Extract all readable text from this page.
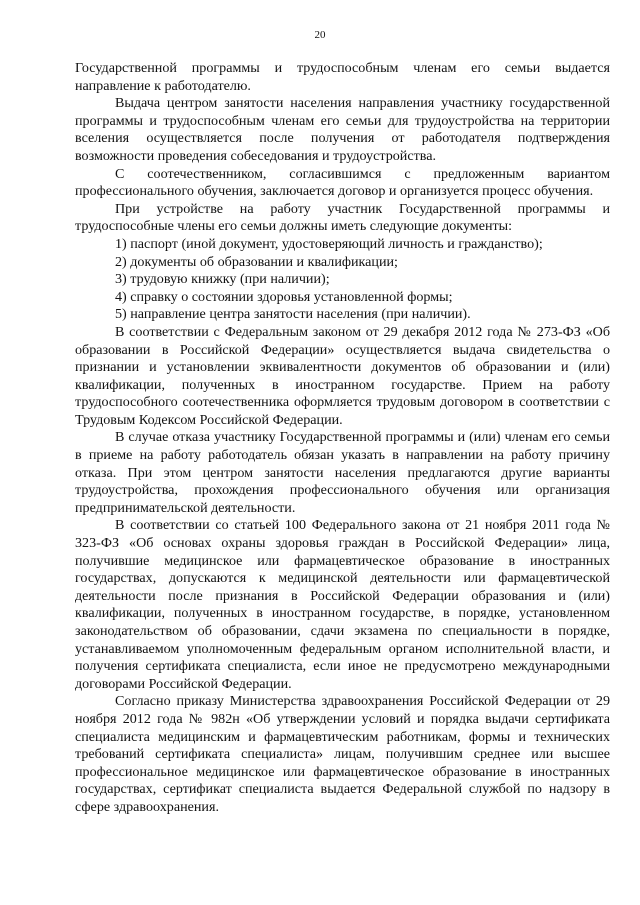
20

Государственной программы и трудоспособным членам его семьи выдается направление к работодателю.

Выдача центром занятости населения направления участнику государственной программы и трудоспособным членам его семьи для трудоустройства на территории вселения осуществляется после получения от работодателя подтверждения возможности проведения собеседования и трудоустройства.

С соотечественником, согласившимся с предложенным вариантом профессионального обучения, заключается договор и организуется процесс обучения.

При устройстве на работу участник Государственной программы и трудоспособные члены его семьи должны иметь следующие документы:

1) паспорт (иной документ, удостоверяющий личность и гражданство);

2) документы об образовании и квалификации;

3) трудовую книжку (при наличии);

4) справку о состоянии здоровья установленной формы;

5) направление центра занятости населения (при наличии).

В соответствии с Федеральным законом от 29 декабря 2012 года № 273-ФЗ «Об образовании в Российской Федерации» осуществляется выдача свидетельства о признании и установлении эквивалентности документов об образовании и (или) квалификации, полученных в иностранном государстве. Прием на работу трудоспособного соотечественника оформляется трудовым договором в соответствии с Трудовым Кодексом Российской Федерации.

В случае отказа участнику Государственной программы и (или) членам его семьи в приеме на работу работодатель обязан указать в направлении на работу причину отказа. При этом центром занятости населения предлагаются другие варианты трудоустройства, прохождения профессионального обучения или организация предпринимательской деятельности.

В соответствии со статьей 100 Федерального закона от 21 ноября 2011 года № 323-ФЗ «Об основах охраны здоровья граждан в Российской Федерации» лица, получившие медицинское или фармацевтическое образование в иностранных государствах, допускаются к медицинской деятельности или фармацевтической деятельности после признания в Российской Федерации образования и (или) квалификации, полученных в иностранном государстве, в порядке, установленном законодательством об образовании, сдачи экзамена по специальности в порядке, устанавливаемом уполномоченным федеральным органом исполнительной власти, и получения сертификата специалиста, если иное не предусмотрено международными договорами Российской Федерации.

Согласно приказу Министерства здравоохранения Российской Федерации от 29 ноября 2012 года № 982н «Об утверждении условий и порядка выдачи сертификата специалиста медицинским и фармацевтическим работникам, формы и технических требований сертификата специалиста» лицам, получившим среднее или высшее профессиональное медицинское или фармацевтическое образование в иностранных государствах, сертификат специалиста выдается Федеральной службой по надзору в сфере здравоохранения.
